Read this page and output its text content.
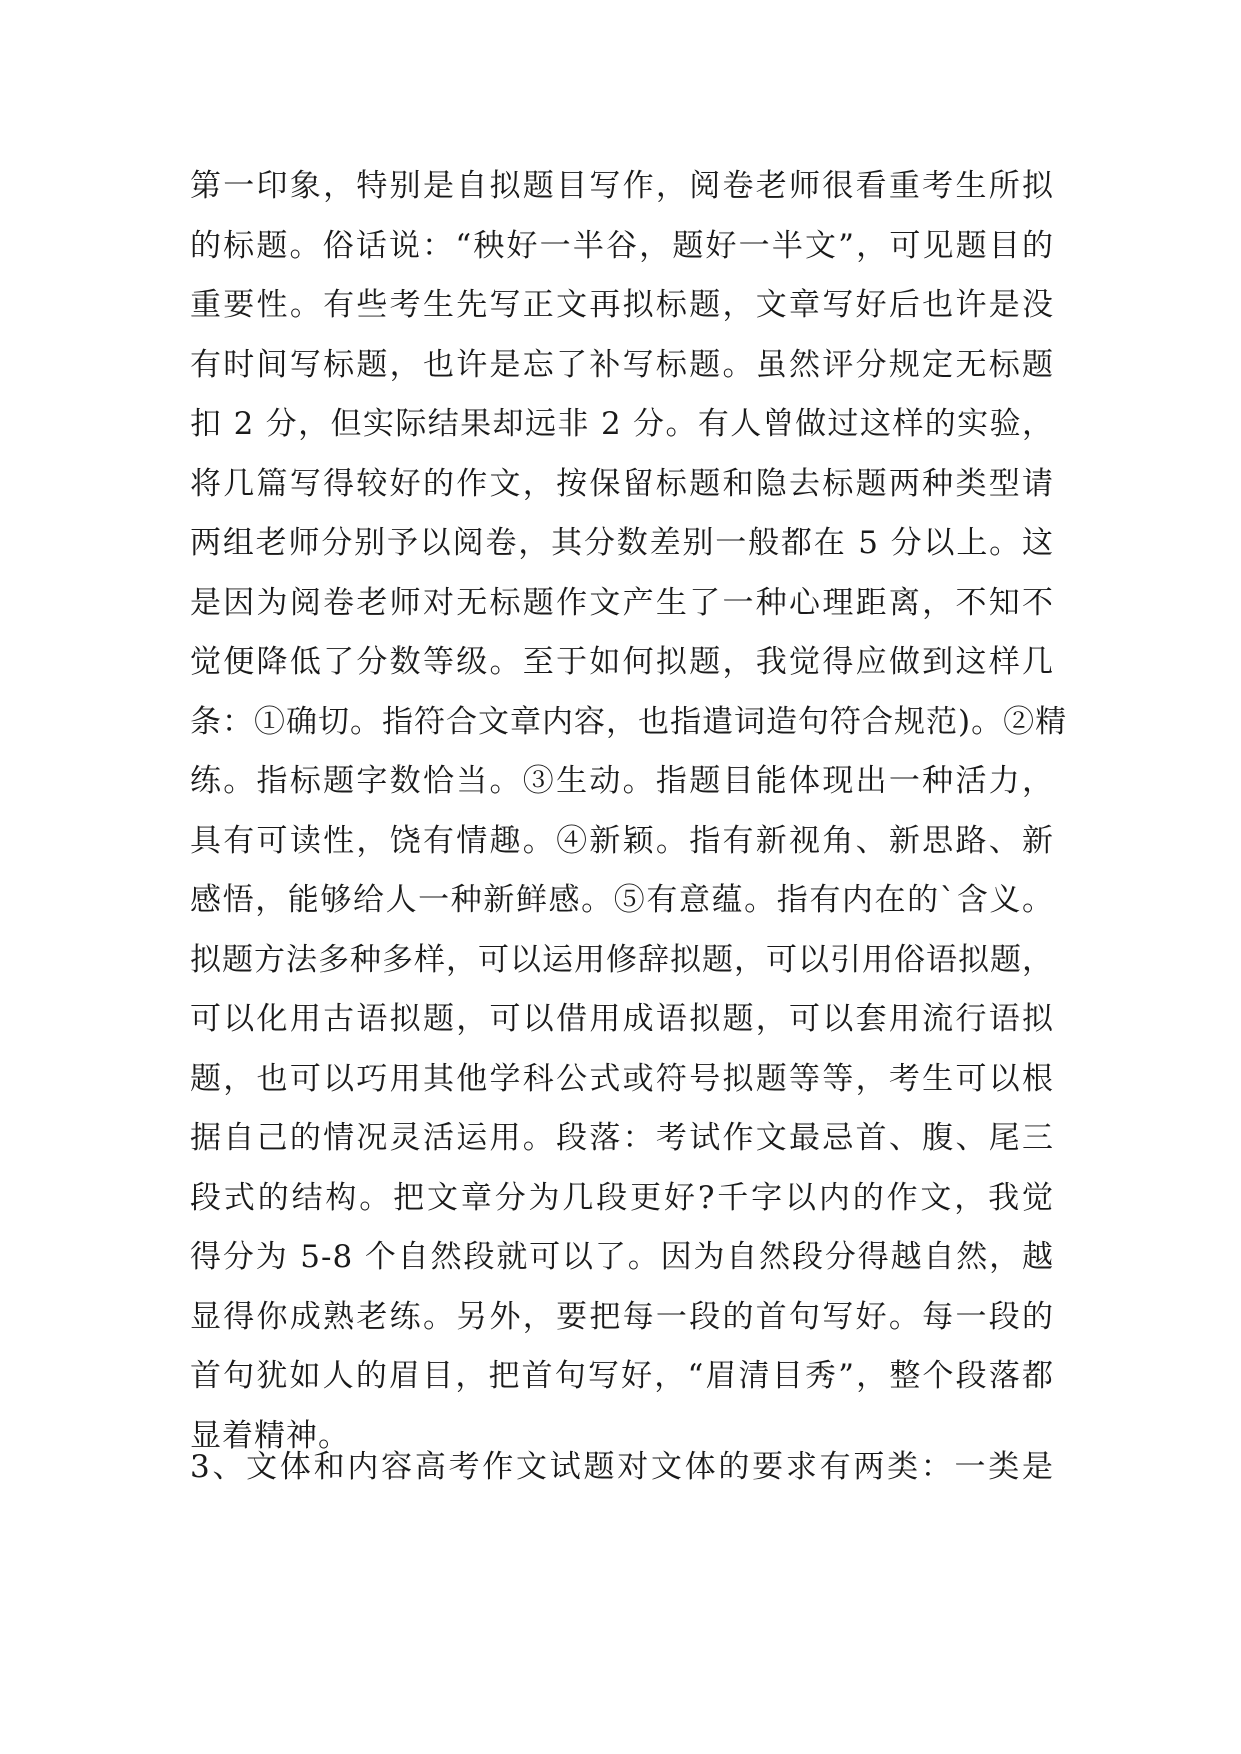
第一印象，特别是自拟题目写作，阅卷老师很看重考生所拟
的标题。俗话说：“秧好一半谷，题好一半文”，可见题目的
重要性。有些考生先写正文再拟标题，文章写好后也许是没
有时间写标题，也许是忘了补写标题。虽然评分规定无标题
扣 2 分，但实际结果却远非 2 分。有人曾做过这样的实验，
将几篇写得较好的作文，按保留标题和隐去标题两种类型请
两组老师分别予以阅卷，其分数差别一般都在 5 分以上。这
是因为阅卷老师对无标题作文产生了一种心理距离，不知不
觉便降低了分数等级。至于如何拟题，我觉得应做到这样几
条：①确切。指符合文章内容，也指遣词造句符合规范)。②精
练。指标题字数恰当。③生动。指题目能体现出一种活力，
具有可读性，饶有情趣。④新颖。指有新视角、新思路、新
感悟，能够给人一种新鲜感。⑤有意蕴。指有内在的`含义。
拟题方法多种多样，可以运用修辞拟题，可以引用俗语拟题，
可以化用古语拟题，可以借用成语拟题，可以套用流行语拟
题，也可以巧用其他学科公式或符号拟题等等，考生可以根
据自己的情况灵活运用。段落：考试作文最忌首、腹、尾三
段式的结构。把文章分为几段更好?千字以内的作文，我觉
得分为 5-8 个自然段就可以了。因为自然段分得越自然，越
显得你成熟老练。另外，要把每一段的首句写好。每一段的
首句犹如人的眉目，把首句写好，“眉清目秀”，整个段落都
显着精神。
3、文体和内容高考作文试题对文体的要求有两类：一类是
